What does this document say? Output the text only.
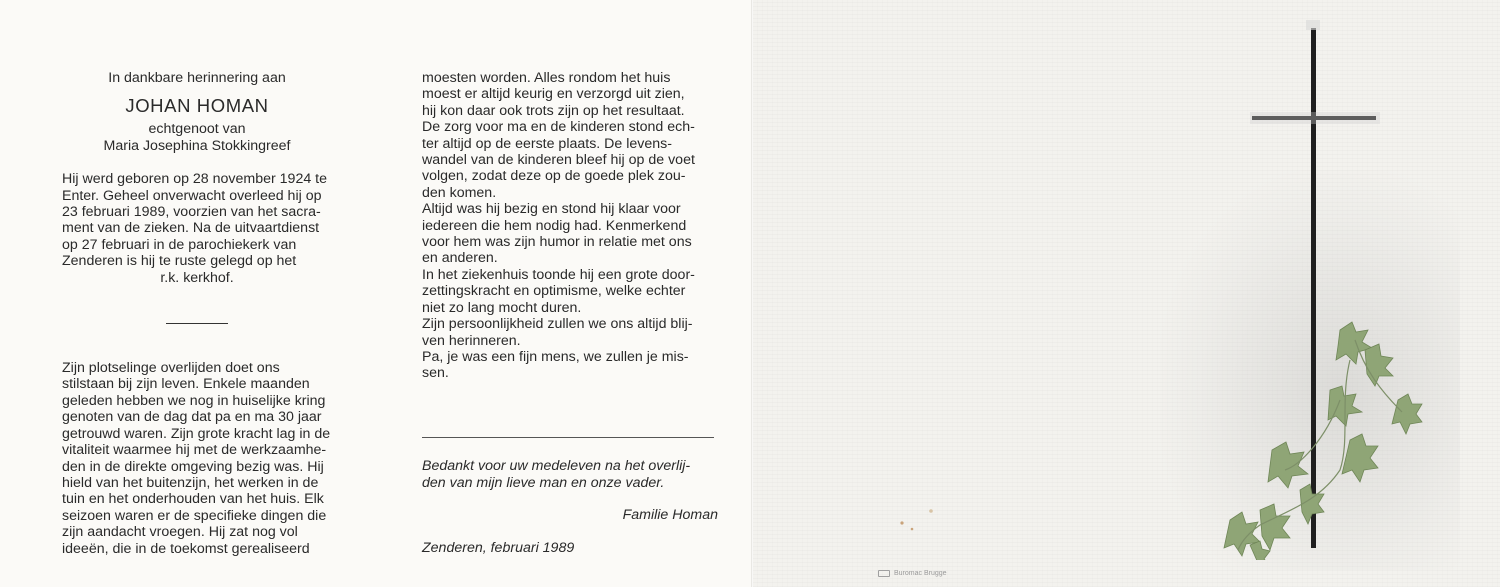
In dankbare herinnering aan

JOHAN HOMAN

echtgenoot van

Maria Josephina Stokkingreef

Hij werd geboren op 28 november 1924 te
Enter. Geheel onverwacht overleed hij op
23 februari 1989, voorzien van het sacra-
ment van de zieken. Na de uitvaartdienst
op 27 februari in de parochiekerk van
Zenderen is hij te ruste gelegd op het
r.k. kerkhof.
Zijn plotselinge overlijden doet ons
stilstaan bij zijn leven. Enkele maanden
geleden hebben we nog in huiselijke kring
genoten van de dag dat pa en ma 30 jaar
getrouwd waren. Zijn grote kracht lag in de
vitaliteit waarmee hij met de werkzaamhe-
den in de direkte omgeving bezig was. Hij
hield van het buitenzijn, het werken in de
tuin en het onderhouden van het huis. Elk
seizoen waren er de specifieke dingen die
zijn aandacht vroegen. Hij zat nog vol
ideeën, die in de toekomst gerealiseerd
moesten worden. Alles rondom het huis
moest er altijd keurig en verzorgd uit zien,
hij kon daar ook trots zijn op het resultaat.
De zorg voor ma en de kinderen stond ech-
ter altijd op de eerste plaats. De levens-
wandel van de kinderen bleef hij op de voet
volgen, zodat deze op de goede plek zou-
den komen.
Altijd was hij bezig en stond hij klaar voor
iedereen die hem nodig had. Kenmerkend
voor hem was zijn humor in relatie met ons
en anderen.
In het ziekenhuis toonde hij een grote door-
zettingskracht en optimisme, welke echter
niet zo lang mocht duren.
Zijn persoonlijkheid zullen we ons altijd blij-
ven herinneren.
Pa, je was een fijn mens, we zullen je mis-
sen.
Bedankt voor uw medeleven na het overlij-
den van mijn lieve man en onze vader.
Familie Homan
Zenderen, februari 1989
Buromac Brugge
